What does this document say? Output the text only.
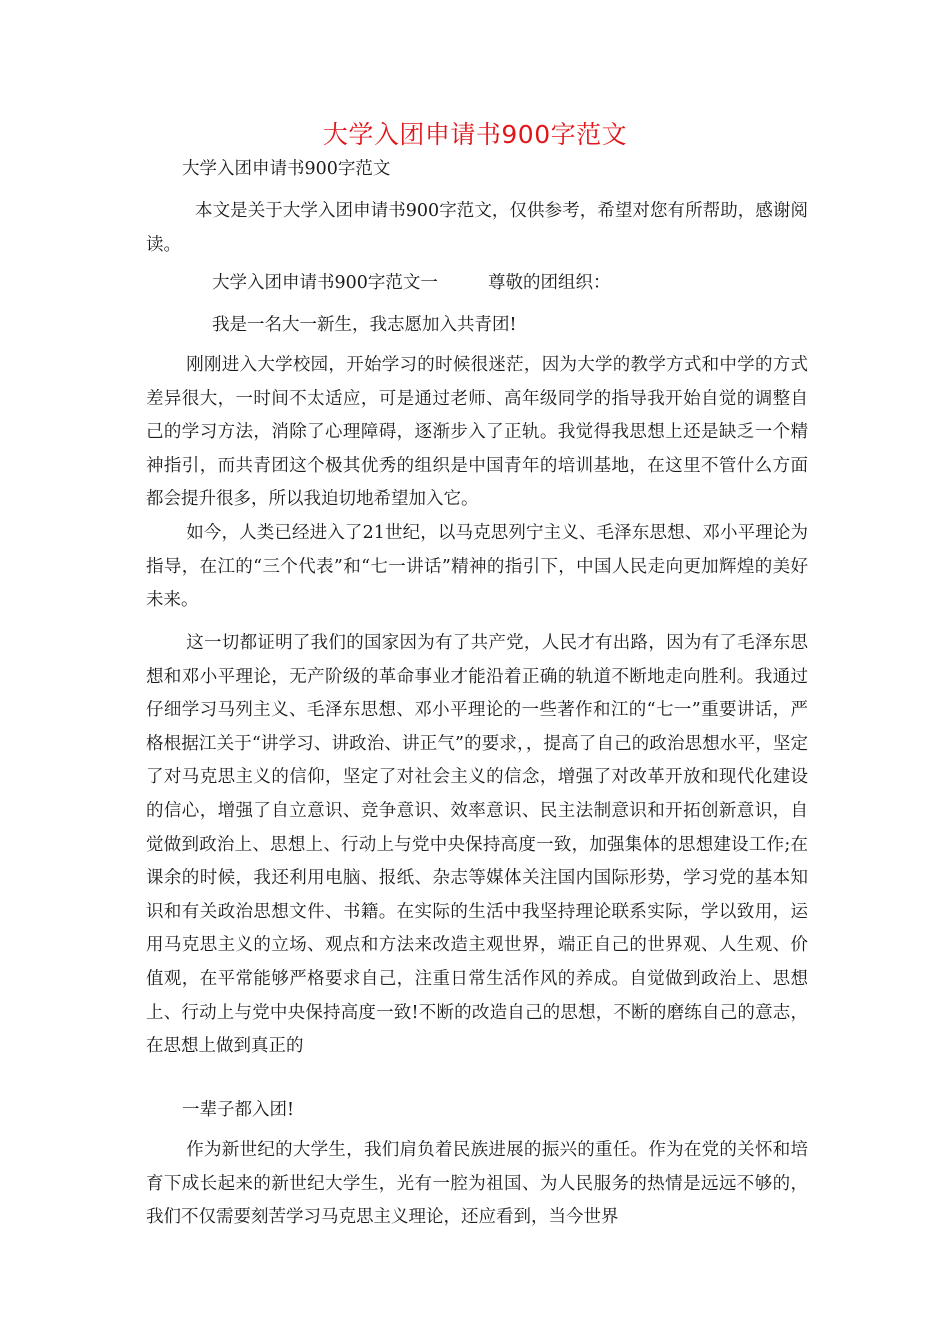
大学入团申请书900字范文
大学入团申请书900字范文
本文是关于大学入团申请书900字范文，仅供参考，希望对您有所帮助，感谢阅读。
大学入团申请书900字范文一	尊敬的团组织：
我是一名大一新生，我志愿加入共青团!
刚刚进入大学校园，开始学习的时候很迷茫，因为大学的教学方式和中学的方式差异很大，一时间不太适应，可是通过老师、高年级同学的指导我开始自觉的调整自己的学习方法，消除了心理障碍，逐渐步入了正轨。我觉得我思想上还是缺乏一个精神指引，而共青团这个极其优秀的组织是中国青年的培训基地，在这里不管什么方面都会提升很多，所以我迫切地希望加入它。
如今，人类已经进入了21世纪，以马克思列宁主义、毛泽东思想、邓小平理论为指导，在江的“三个代表”和“七一讲话”精神的指引下，中国人民走向更加辉煌的美好未来。
这一切都证明了我们的国家因为有了共产党，人民才有出路，因为有了毛泽东思想和邓小平理论，无产阶级的革命事业才能沿着正确的轨道不断地走向胜利。我通过仔细学习马列主义、毛泽东思想、邓小平理论的一些著作和江的“七一”重要讲话，严格根据江关于“讲学习、讲政治、讲正气”的要求，，提高了自己的政治思想水平，坚定了对马克思主义的信仰，坚定了对社会主义的信念，增强了对改革开放和现代化建设的信心，增强了自立意识、竞争意识、效率意识、民主法制意识和开拓创新意识，自觉做到政治上、思想上、行动上与党中央保持高度一致，加强集体的思想建设工作;在课余的时候，我还利用电脑、报纸、杂志等媒体关注国内国际形势，学习党的基本知识和有关政治思想文件、书籍。在实际的生活中我坚持理论联系实际，学以致用，运用马克思主义的立场、观点和方法来改造主观世界，端正自己的世界观、人生观、价值观，在平常能够严格要求自己，注重日常生活作风的养成。自觉做到政治上、思想上、行动上与党中央保持高度一致!不断的改造自己的思想，不断的磨练自己的意志，在思想上做到真正的
一辈子都入团!
作为新世纪的大学生，我们肩负着民族进展的振兴的重任。作为在党的关怀和培育下成长起来的新世纪大学生，光有一腔为祖国、为人民服务的热情是远远不够的，我们不仅需要刻苦学习马克思主义理论，还应看到，当今世界
